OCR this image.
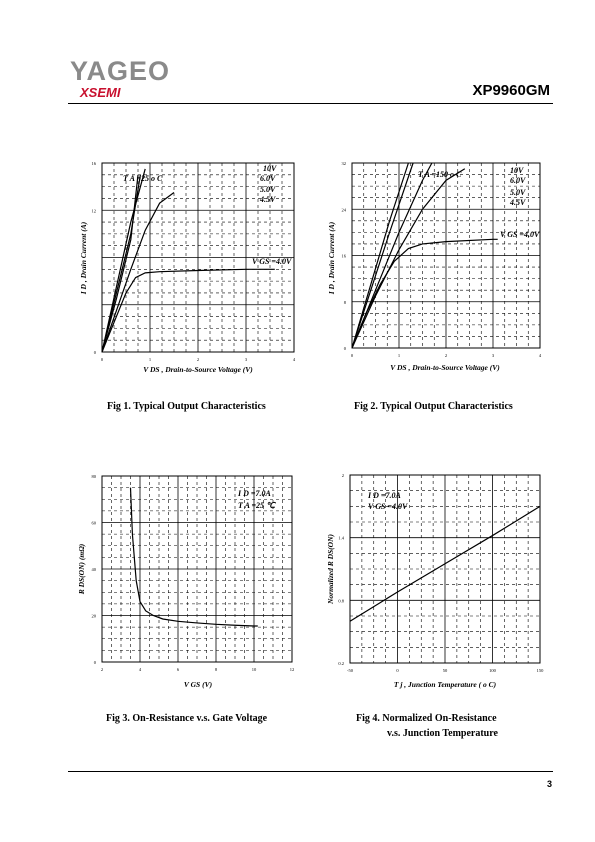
YAGEO
XSEMI	XP9960GM
0	1	2	3	4
0
12
16
T A =25 o C
10V
6.0V
5.0V
4.5V
V GS =4.0V
V DS , Drain-to-Source Voltage (V)
I D , Drain Current (A)
0	1	2	3	4
0
8
16
24
32
T A =150 o C	10V
6.0V
5.0V
4.5V
V GS =4.0V
V DS , Drain-to-Source Voltage (V)
I D , Drain Current (A)
2	4	6	8	10	12
0
20
40
60
80
I D =7.0A
T A =25 ℃
V GS (V)
R DS(ON) (mΩ)
-50	0	50	100	150
0.2
0.8
1.4
2
I D =7.0A
V GS =4.0V
T j , Junction Temperature ( o C)
Normalized R DS(ON)
Fig 1. Typical Output Characteristics	Fig 2. Typical Output Characteristics
Fig 3. On-Resistance v.s. Gate Voltage	Fig 4. Normalized On-Resistance
v.s. Junction Temperature
3
